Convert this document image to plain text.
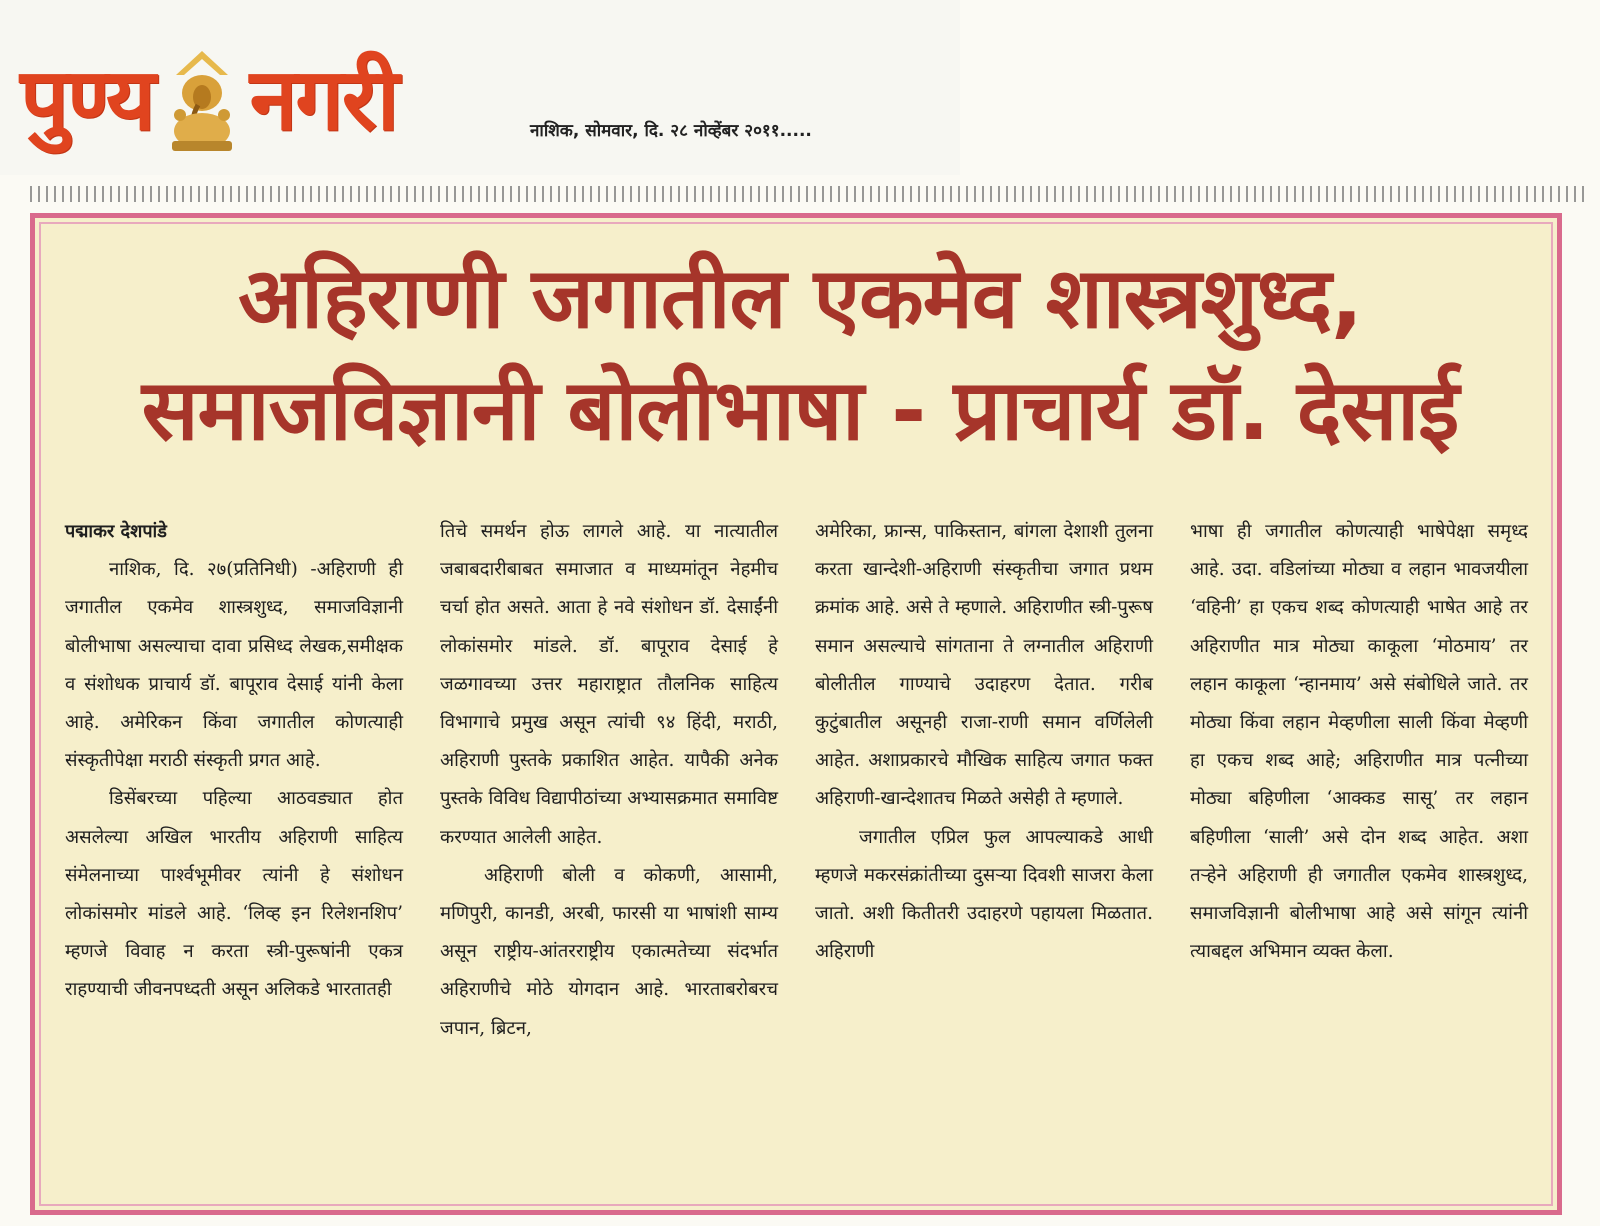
पुण्य नगरी	नाशिक, सोमवार, दि. २८ नोव्हेंबर २०११.....
अहिराणी जगातील एकमेव शास्त्रशुध्द,
समाजविज्ञानी बोलीभाषा - प्राचार्य डॉ. देसाई

पद्माकर देशपांडे

नाशिक, दि. २७(प्रतिनिधी) -अहिराणी ही जगातील एकमेव शास्त्रशुध्द, समाजविज्ञानी बोलीभाषा असल्याचा दावा प्रसिध्द लेखक,समीक्षक व संशोधक प्राचार्य डॉ. बापूराव देसाई यांनी केला आहे. अमेरिकन किंवा जगातील कोणत्याही संस्कृतीपेक्षा मराठी संस्कृती प्रगत आहे.

डिसेंबरच्या पहिल्या आठवड्यात होत असलेल्या अखिल भारतीय अहिराणी साहित्य संमेलनाच्या पार्श्वभूमीवर त्यांनी हे संशोधन लोकांसमोर मांडले आहे. ‘लिव्ह इन रिलेशनशिप’ म्हणजे विवाह न करता स्त्री-पुरूषांनी एकत्र राहण्याची जीवनपध्दती असून अलिकडे भारतातही

तिचे समर्थन होऊ लागले आहे. या नात्यातील जबाबदारीबाबत समाजात व माध्यमांतून नेहमीच चर्चा होत असते. आता हे नवे संशोधन डॉ. देसाईंनी लोकांसमोर मांडले. डॉ. बापूराव देसाई हे जळगावच्या उत्तर महाराष्ट्रात तौलनिक साहित्य विभागाचे प्रमुख असून त्यांची ९४ हिंदी, मराठी, अहिराणी पुस्तके प्रकाशित आहेत. यापैकी अनेक पुस्तके विविध विद्यापीठांच्या अभ्यासक्रमात समाविष्ट करण्यात आलेली आहेत.

अहिराणी बोली व कोकणी, आसामी, मणिपुरी, कानडी, अरबी, फारसी या भाषांशी साम्य असून राष्ट्रीय-आंतरराष्ट्रीय एकात्मतेच्या संदर्भात अहिराणीचे मोठे योगदान आहे. भारताबरोबरच जपान, ब्रिटन,

अमेरिका, फ्रान्स, पाकिस्तान, बांगला देशाशी तुलना करता खान्देशी-अहिराणी संस्कृतीचा जगात प्रथम क्रमांक आहे. असे ते म्हणाले. अहिराणीत स्त्री-पुरूष समान असल्याचे सांगताना ते लग्नातील अहिराणी बोलीतील गाण्याचे उदाहरण देतात. गरीब कुटुंबातील असूनही राजा-राणी समान वर्णिलेली आहेत. अशाप्रकारचे मौखिक साहित्य जगात फक्त अहिराणी-खान्देशातच मिळते असेही ते म्हणाले.

जगातील एप्रिल फुल आपल्याकडे आधी म्हणजे मकरसंक्रांतीच्या दुसऱ्या दिवशी साजरा केला जातो. अशी कितीतरी उदाहरणे पहायला मिळतात. अहिराणी

भाषा ही जगातील कोणत्याही भाषेपेक्षा समृध्द आहे. उदा. वडिलांच्या मोठ्या व लहान भावजयीला ‘वहिनी’ हा एकच शब्द कोणत्याही भाषेत आहे तर अहिराणीत मात्र मोठ्या काकूला ‘मोठमाय’ तर लहान काकूला ‘न्हानमाय’ असे संबोधिले जाते. तर मोठ्या किंवा लहान मेव्हणीला साली किंवा मेव्हणी हा एकच शब्द आहे; अहिराणीत मात्र पत्नीच्या मोठ्या बहिणीला ‘आक्कड सासू’ तर लहान बहिणीला ‘साली’ असे दोन शब्द आहेत. अशा तऱ्हेने अहिराणी ही जगातील एकमेव शास्त्रशुध्द, समाजविज्ञानी बोलीभाषा आहे असे सांगून त्यांनी त्याबद्दल अभिमान व्यक्त केला.
